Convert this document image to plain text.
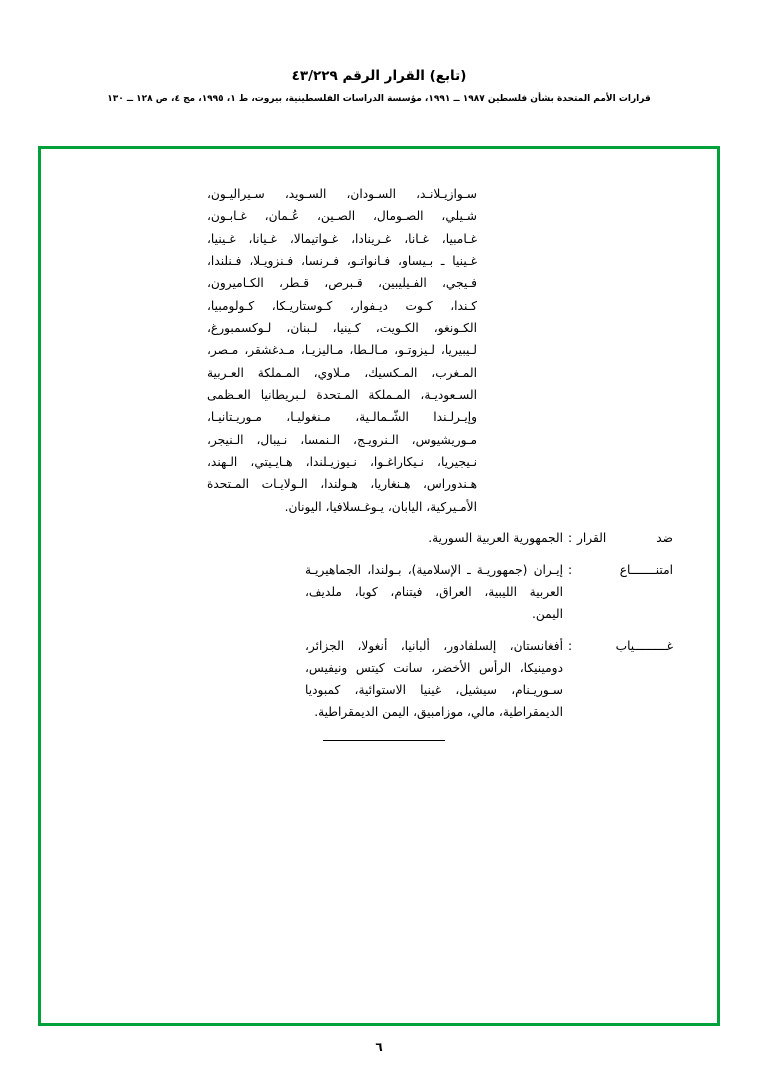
(تابع) القرار الرقم ٤٣/٢٢٩
قرارات الأمم المتحدة بشأن فلسطين ١٩٨٧ ــ ١٩٩١، مؤسسة الدراسات الفلسطينية، بيروت، ط ١، ١٩٩٥، مج ٤، ص ١٢٨ ــ ١٣٠
سـوازيـلانـد، السـودان، السـويد، سـيراليـون،
شـيلي، الصـومال، الصـين، عُـمان، غـابـون،
غـامبيا، غـانا، غـرينادا، غـواتيمالا، غـيانا، غـينيا،
غـينيا ـ بـيساو، فـانواتـو، فـرنسا، فـنزويـلا، فـنلندا،
فـيجي، الفـيليبين، قـبرص، قـطر، الكـاميرون،
كـندا، كـوت ديـفوار، كـوستاريـكا، كـولومبيا،
الكـونغو، الكـويت، كـينيا، لـبنان، لـوكسمبورغ،
لـيبيريا، لـيزوتـو، مـالـطا، مـاليزيـا، مـدغشقر، مـصر،
المـغرب، المـكسيك، مـلاوي، المـملكة العـربية
السـعوديـة، المـملكة المـتحدة لـبريطانيا العـظمى
وإيـرلـندا الشّـمالـية، مـنغوليـا، مـوريـتانيـا،
مـوريشيوس، الـنرويـج، الـنمسا، نـيبال، الـنيجر،
نـيجيريا، نـيكاراغـوا، نـيوزيـلندا، هـايـيتي، الـهند،
هـندوراس، هـنغاريا، هـولندا، الـولايـات المـتحدة
الأمـيركية، اليابان، يـوغـسلافيا، اليونان.
ضد القرار
:
الجمهورية العربية السورية.
امتنـــــــاع
:
إيـران (جمهوريـة ـ الإسلامية)، بـولندا، الجماهيريـة
العربية الليبية، العراق، فيتنام، كوبا، ملديف،
اليمن.
غـــــــــياب
:
أفغانستان، إلسلفادور، ألبانيا، أنغولا، الجزائر،
دومينيكا، الرأس الأخضر، سانت كيتس ونيفيس،
سـوريـنام، سيشيل، غينيا الاستوائية، كمبوديا
الديمقراطية، مالي، موزامبيق، اليمن الديمقراطية.
٦
